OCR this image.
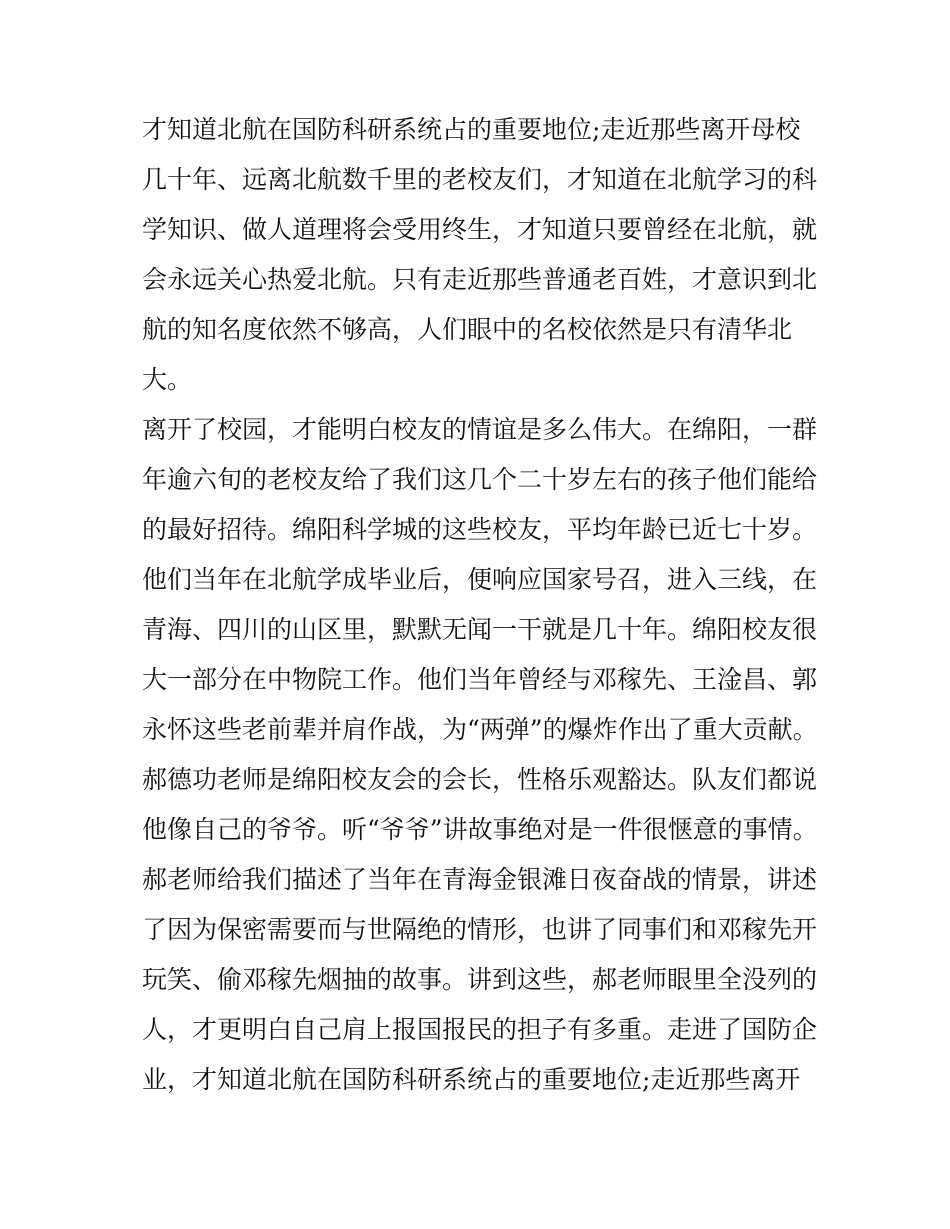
才知道北航在国防科研系统占的重要地位;走近那些离开母校
几十年、远离北航数千里的老校友们，才知道在北航学习的科
学知识、做人道理将会受用终生，才知道只要曾经在北航，就
会永远关心热爱北航。只有走近那些普通老百姓，才意识到北
航的知名度依然不够高，人们眼中的名校依然是只有清华北
大。
离开了校园，才能明白校友的情谊是多么伟大。在绵阳，一群
年逾六旬的老校友给了我们这几个二十岁左右的孩子他们能给
的最好招待。绵阳科学城的这些校友，平均年龄已近七十岁。
他们当年在北航学成毕业后，便响应国家号召，进入三线，在
青海、四川的山区里，默默无闻一干就是几十年。绵阳校友很
大一部分在中物院工作。他们当年曾经与邓稼先、王淦昌、郭
永怀这些老前辈并肩作战，为“两弹”的爆炸作出了重大贡献。
郝德功老师是绵阳校友会的会长，性格乐观豁达。队友们都说
他像自己的爷爷。听“爷爷”讲故事绝对是一件很惬意的事情。
郝老师给我们描述了当年在青海金银滩日夜奋战的情景，讲述
了因为保密需要而与世隔绝的情形，也讲了同事们和邓稼先开
玩笑、偷邓稼先烟抽的故事。讲到这些，郝老师眼里全没列的
人，才更明白自己肩上报国报民的担子有多重。走进了国防企
业，才知道北航在国防科研系统占的重要地位;走近那些离开
